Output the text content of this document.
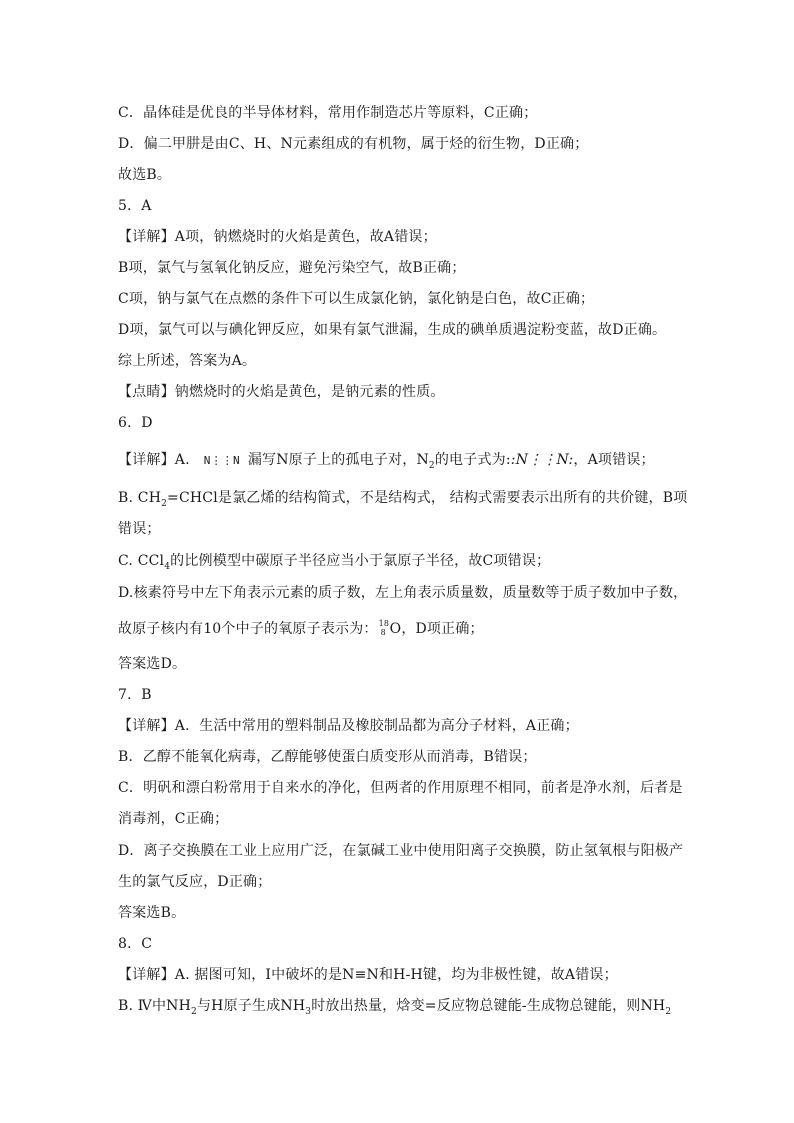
C．晶体硅是优良的半导体材料，常用作制造芯片等原料，C正确；
D．偏二甲肼是由C、H、N元素组成的有机物，属于烃的衍生物，D正确；
故选B。
5．A
【详解】A项，钠燃烧时的火焰是黄色，故A错误；
B项，氯气与氢氧化钠反应，避免污染空气，故B正确；
C项，钠与氯气在点燃的条件下可以生成氯化钠，氯化钠是白色，故C正确；
D项，氯气可以与碘化钾反应，如果有氯气泄漏，生成的碘单质遇淀粉变蓝，故D正确。
综上所述，答案为A。
【点睛】钠燃烧时的火焰是黄色，是钠元素的性质。
6．D
【详解】A. N⋮⋮N 漏写N原子上的孤电子对，$N_2$的电子式为::N⋮⋮N:，A项错误；
B. $CH_2=CHCl$是氯乙烯的结构简式，不是结构式， 结构式需要表示出所有的共价键，B项
错误；
C. CCl$_4$的比例模型中碳原子半径应当小于氯原子半径，故C项错误；
D.核素符号中左下角表示元素的质子数，左上角表示质量数，质量数等于质子数加中子数，
故原子核内有10个中子的氧原子表示为： 18
8 O，D项正确；
答案选D。
7．B
【详解】A．生活中常用的塑料制品及橡胶制品都为高分子材料，A正确；
B．乙醇不能氧化病毒，乙醇能够使蛋白质变形从而消毒，B错误；
C．明矾和漂白粉常用于自来水的净化，但两者的作用原理不相同，前者是净水剂，后者是
消毒剂，C正确；
D．离子交换膜在工业上应用广泛，在氯碱工业中使用阳离子交换膜，防止氢氧根与阳极产
生的氯气反应，D正确；
答案选B。
8．C
【详解】A. 据图可知，Ⅰ中破坏的是N≡N和H-H键，均为非极性键，故A错误；
B. Ⅳ中$NH_2$与H原子生成$NH_3$时放出热量，焓变=反应物总键能-生成物总键能，则$NH_2$
